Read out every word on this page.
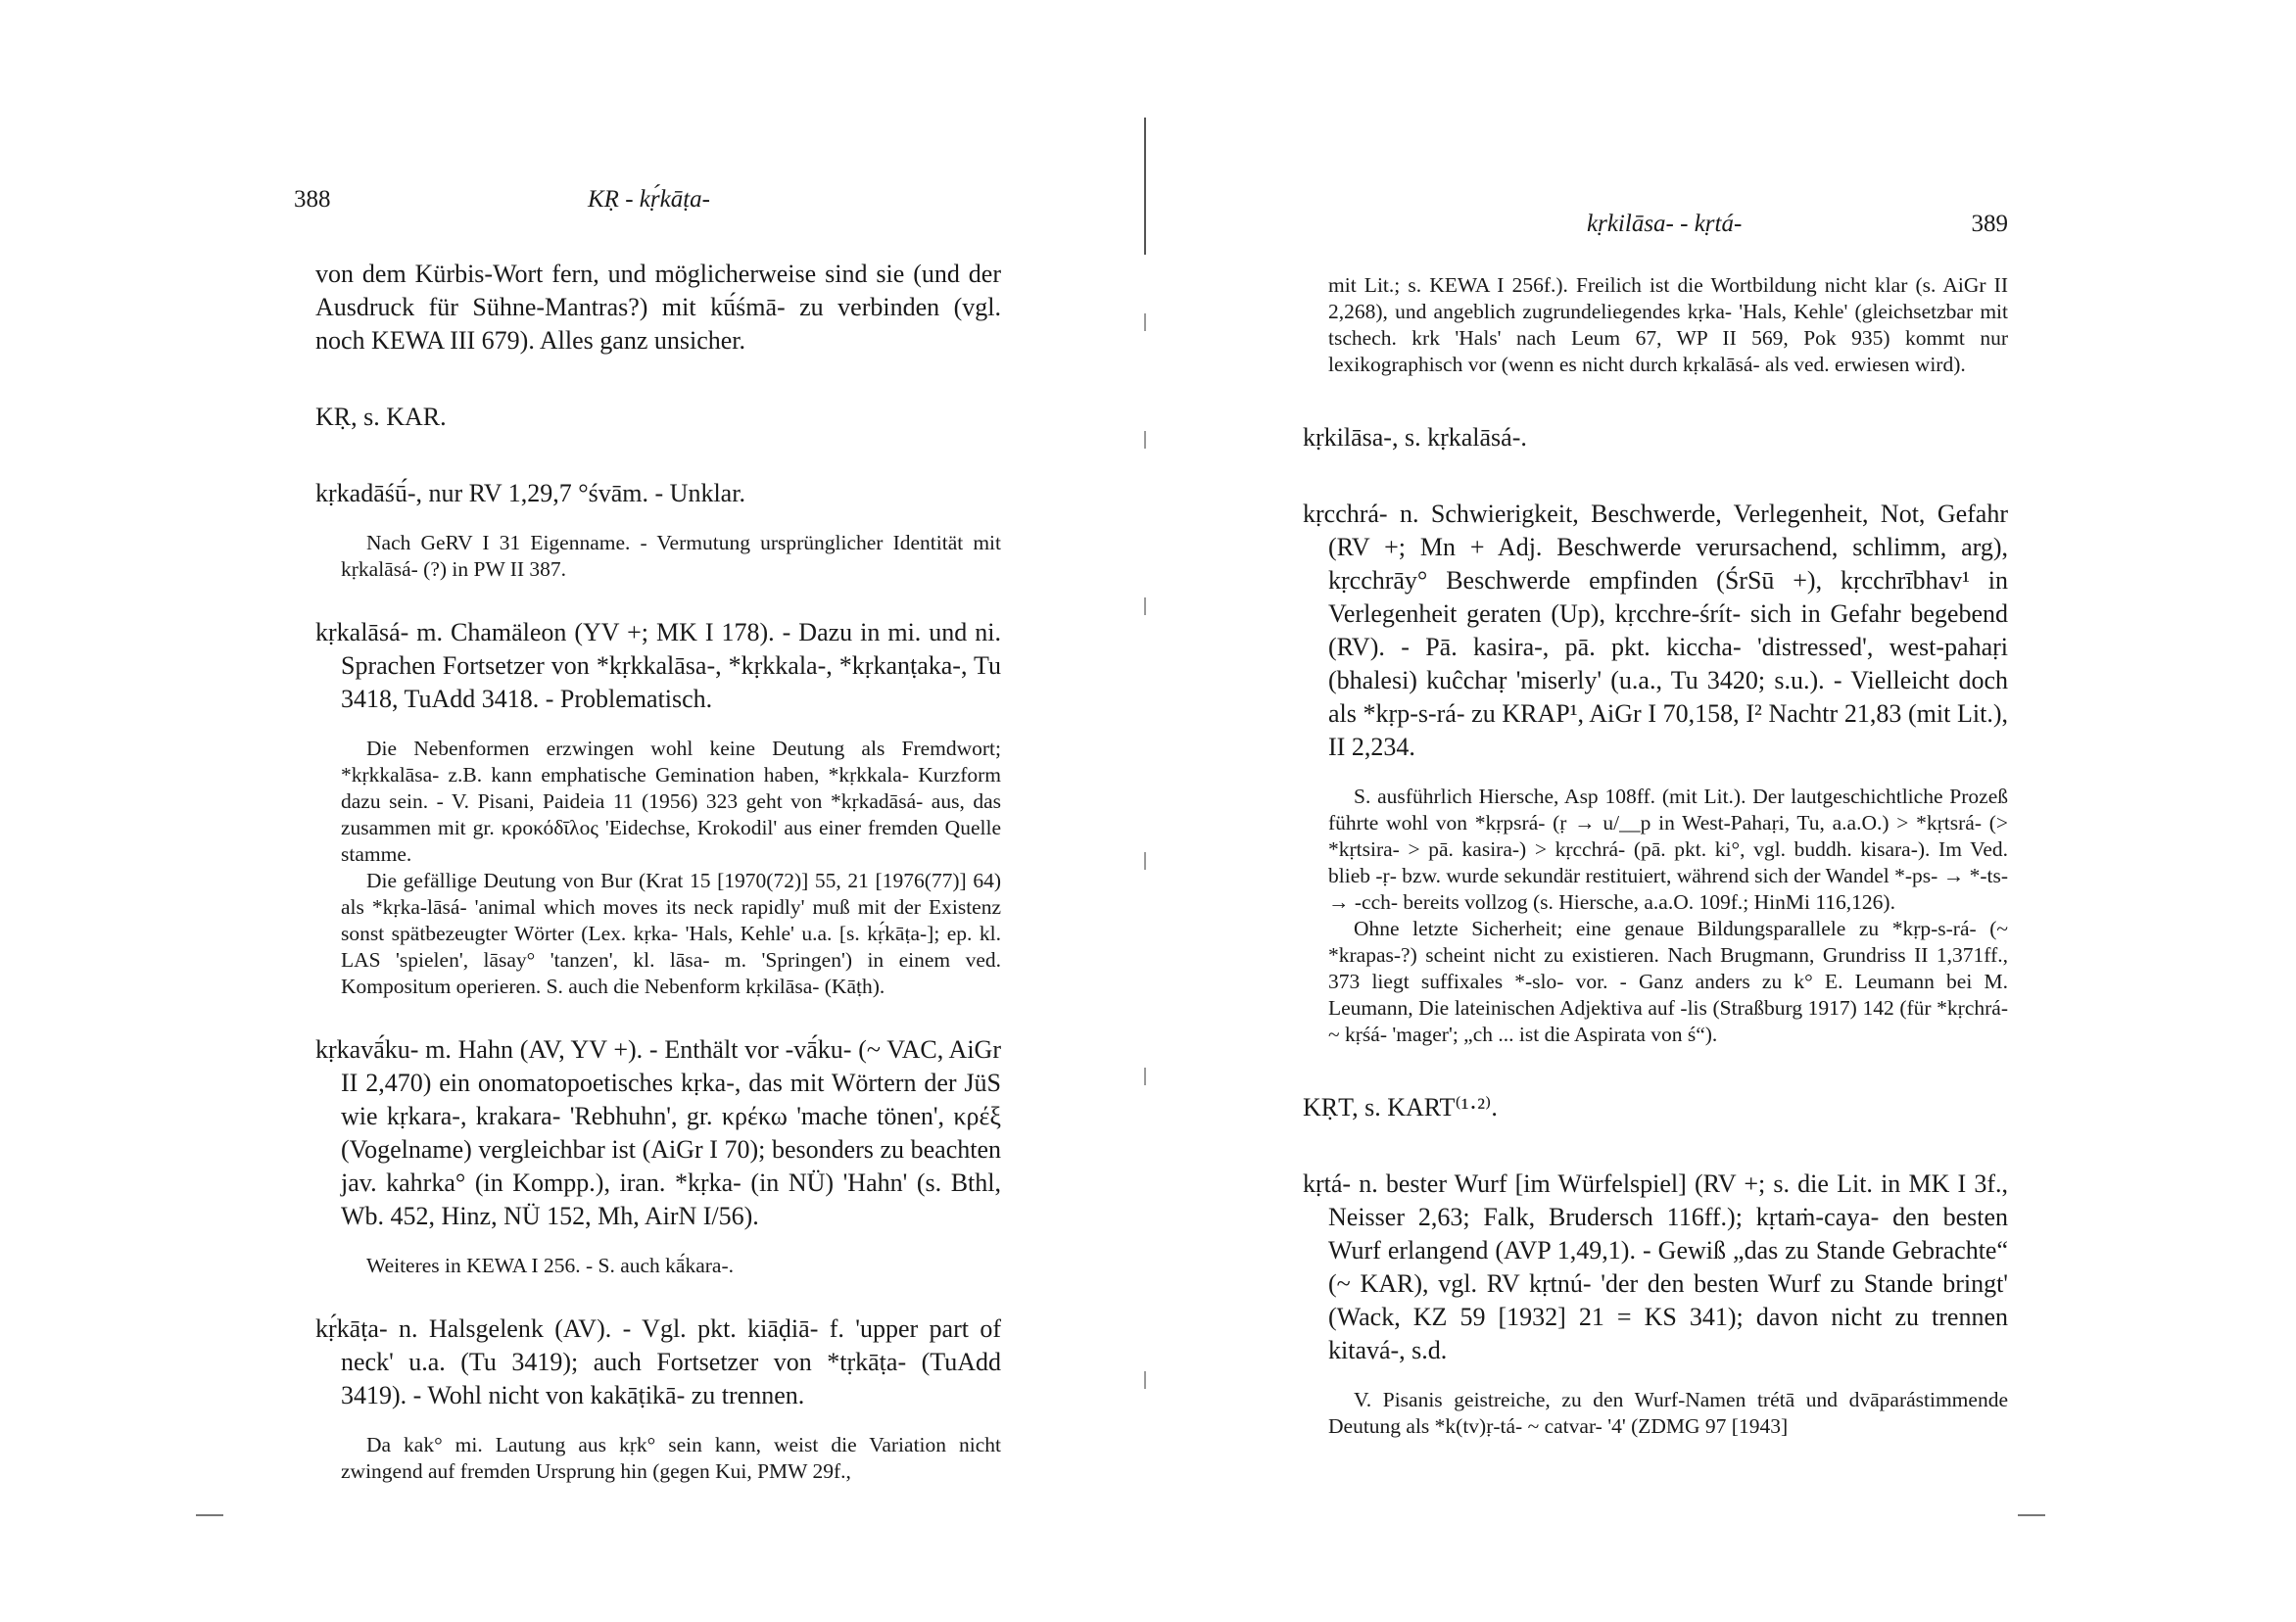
388	KṚ - kṛ́kāṭa-

von dem Kürbis-Wort fern, und möglicherweise sind sie (und der Ausdruck für Sühne-Mantras?) mit kū́śmā- zu verbinden (vgl. noch KEWA III 679). Alles ganz unsicher.

KṚ, s. KAR.

kṛkadāśū́-, nur RV 1,29,7 °śvām. - Unklar.

Nach GeRV I 31 Eigenname. - Vermutung ursprünglicher Identität mit kṛkalāsá- (?) in PW II 387.

kṛkalāsá- m. Chamäleon (YV +; MK I 178). - Dazu in mi. und ni. Sprachen Fortsetzer von *kṛkkalāsa-, *kṛkkala-, *kṛkanṭaka-, Tu 3418, TuAdd 3418. - Problematisch.

Die Nebenformen erzwingen wohl keine Deutung als Fremdwort; *kṛkkalāsa- z.B. kann emphatische Gemination haben, *kṛkkala- Kurzform dazu sein. - V. Pisani, Paideia 11 (1956) 323 geht von *kṛkadāsá- aus, das zusammen mit gr. κροκόδῑλος 'Eidechse, Krokodil' aus einer fremden Quelle stamme.

Die gefällige Deutung von Bur (Krat 15 [1970(72)] 55, 21 [1976(77)] 64) als *kṛka-lāsá- 'animal which moves its neck rapidly' muß mit der Existenz sonst spätbezeugter Wörter (Lex. kṛka- 'Hals, Kehle' u.a. [s. kṛ́kāṭa-]; ep. kl. LAS 'spielen', lāsay° 'tanzen', kl. lāsa- m. 'Springen') in einem ved. Kompositum operieren. S. auch die Nebenform kṛkilāsa- (Kāṭh).

kṛkavā́ku- m. Hahn (AV, YV +). - Enthält vor -vā́ku- (~ VAC, AiGr II 2,470) ein onomatopoetisches kṛka-, das mit Wörtern der JüS wie kṛkara-, krakara- 'Rebhuhn', gr. κρέκω 'mache tönen', κρέξ (Vogelname) vergleichbar ist (AiGr I 70); besonders zu beachten jav. kahrka° (in Kompp.), iran. *kṛka- (in NÜ) 'Hahn' (s. Bthl, Wb. 452, Hinz, NÜ 152, Mh, AirN I/56).

Weiteres in KEWA I 256. - S. auch kā́kara-.

kṛ́kāṭa- n. Halsgelenk (AV). - Vgl. pkt. kiāḍiā- f. 'upper part of neck' u.a. (Tu 3419); auch Fortsetzer von *tṛkāṭa- (TuAdd 3419). - Wohl nicht von kakāṭikā- zu trennen.

Da kak° mi. Lautung aus kṛk° sein kann, weist die Variation nicht zwingend auf fremden Ursprung hin (gegen Kui, PMW 29f.,

kṛkilāsa- - kṛtá-	389

mit Lit.; s. KEWA I 256f.). Freilich ist die Wortbildung nicht klar (s. AiGr II 2,268), und angeblich zugrundeliegendes kṛka- 'Hals, Kehle' (gleichsetzbar mit tschech. krk 'Hals' nach Leum 67, WP II 569, Pok 935) kommt nur lexikographisch vor (wenn es nicht durch kṛkalāsá- als ved. erwiesen wird).

kṛkilāsa-, s. kṛkalāsá-.

kṛcchrá- n. Schwierigkeit, Beschwerde, Verlegenheit, Not, Gefahr (RV +; Mn + Adj. Beschwerde verursachend, schlimm, arg), kṛcchrāy° Beschwerde empfinden (ŚrSū +), kṛcchrībhav¹ in Verlegenheit geraten (Up), kṛcchre-śrít- sich in Gefahr begebend (RV). - Pā. kasira-, pā. pkt. kiccha- 'distressed', west-pahaṛi (bhalesi) kuĉchaṛ 'miserly' (u.a., Tu 3420; s.u.). - Vielleicht doch als *kṛp-s-rá- zu KRAP¹, AiGr I 70,158, I² Nachtr 21,83 (mit Lit.), II 2,234.

S. ausführlich Hiersche, Asp 108ff. (mit Lit.). Der lautgeschichtliche Prozeß führte wohl von *kṛpsrá- (ṛ → u/__p in West-Pahaṛi, Tu, a.a.O.) > *kṛtsrá- (> *kṛtsira- > pā. kasira-) > kṛcchrá- (pā. pkt. ki°, vgl. buddh. kisara-). Im Ved. blieb -ṛ- bzw. wurde sekundär restituiert, während sich der Wandel *-ps- → *-ts- → -cch- bereits vollzog (s. Hiersche, a.a.O. 109f.; HinMi 116,126).

Ohne letzte Sicherheit; eine genaue Bildungsparallele zu *kṛp-s-rá- (~ *krapas-?) scheint nicht zu existieren. Nach Brugmann, Grundriss II 1,371ff., 373 liegt suffixales *-slo- vor. - Ganz anders zu k° E. Leumann bei M. Leumann, Die lateinischen Adjektiva auf -lis (Straßburg 1917) 142 (für *kṛchrá- ~ kṛśá- 'mager'; „ch ... ist die Aspirata von ś“).

KṚT, s. KART⁽¹·²⁾.

kṛtá- n. bester Wurf [im Würfelspiel] (RV +; s. die Lit. in MK I 3f., Neisser 2,63; Falk, Brudersch 116ff.); kṛtaṁ-caya- den besten Wurf erlangend (AVP 1,49,1). - Gewiß „das zu Stande Gebrachte“ (~ KAR), vgl. RV kṛtnú- 'der den besten Wurf zu Stande bringt' (Wack, KZ 59 [1932] 21 = KS 341); davon nicht zu trennen kitavá-, s.d.

V. Pisanis geistreiche, zu den Wurf-Namen trétā und dvāparástimmende Deutung als *k(tv)ṛ-tá- ~ catvar- '4' (ZDMG 97 [1943]
